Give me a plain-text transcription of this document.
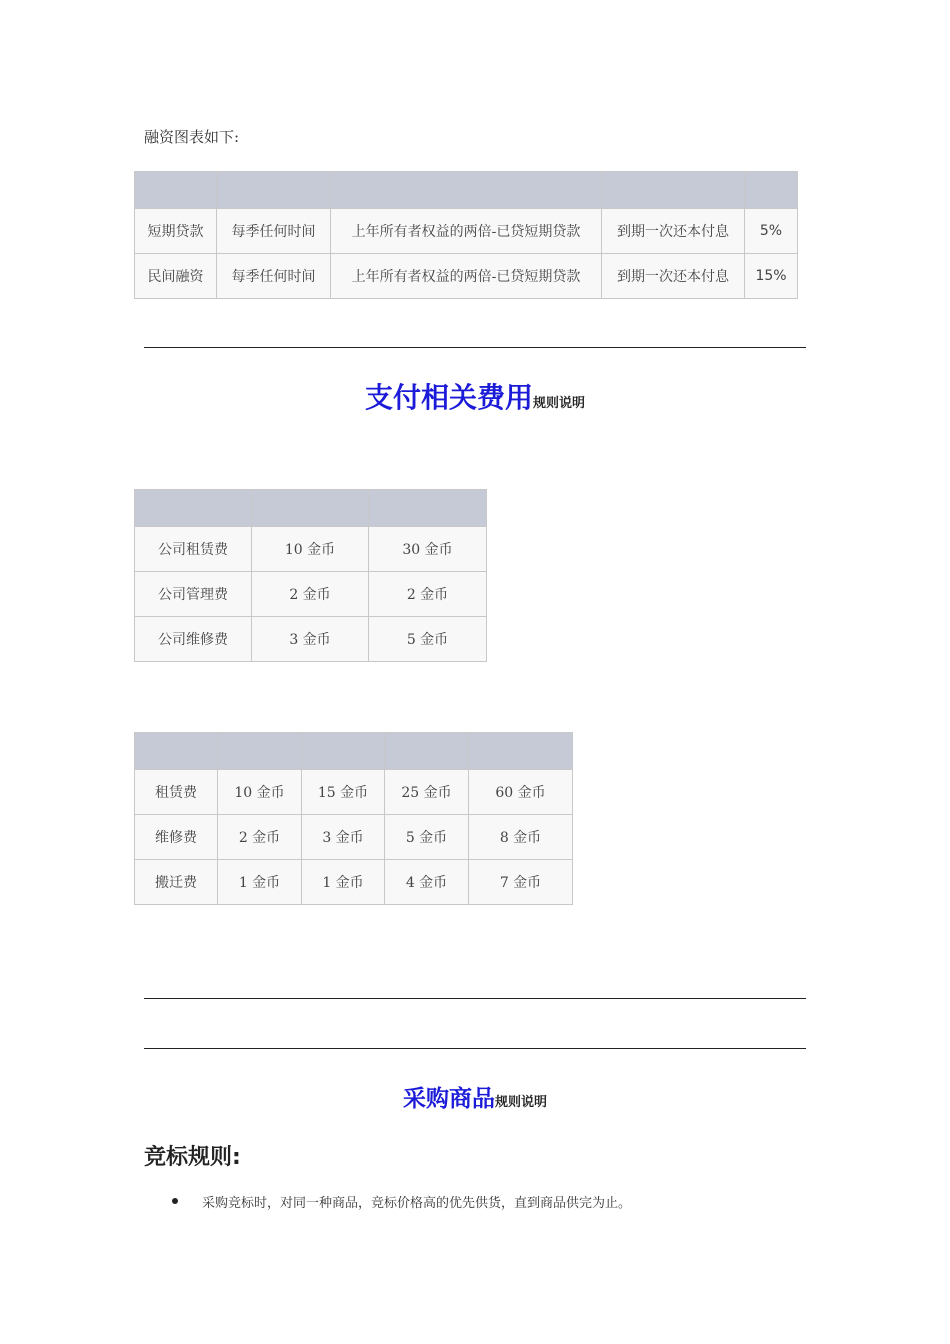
融资图表如下:

短期贷款	每季任何时间	上年所有者权益的两倍-已贷短期贷款	到期一次还本付息	5%
民间融资	每季任何时间	上年所有者权益的两倍-已贷短期贷款	到期一次还本付息	15%
支付相关费用规则说明

公司租赁费	10 金币	30 金币
公司管理费	2 金币	2 金币
公司维修费	3 金币	5 金币

租赁费	10 金币	15 金币	25 金币	60 金币
维修费	2 金币	3 金币	5 金币	8 金币
搬迁费	1 金币	1 金币	4 金币	7 金币
采购商品规则说明
竞标规则:
采购竞标时，对同一种商品，竞标价格高的优先供货，直到商品供完为止。
